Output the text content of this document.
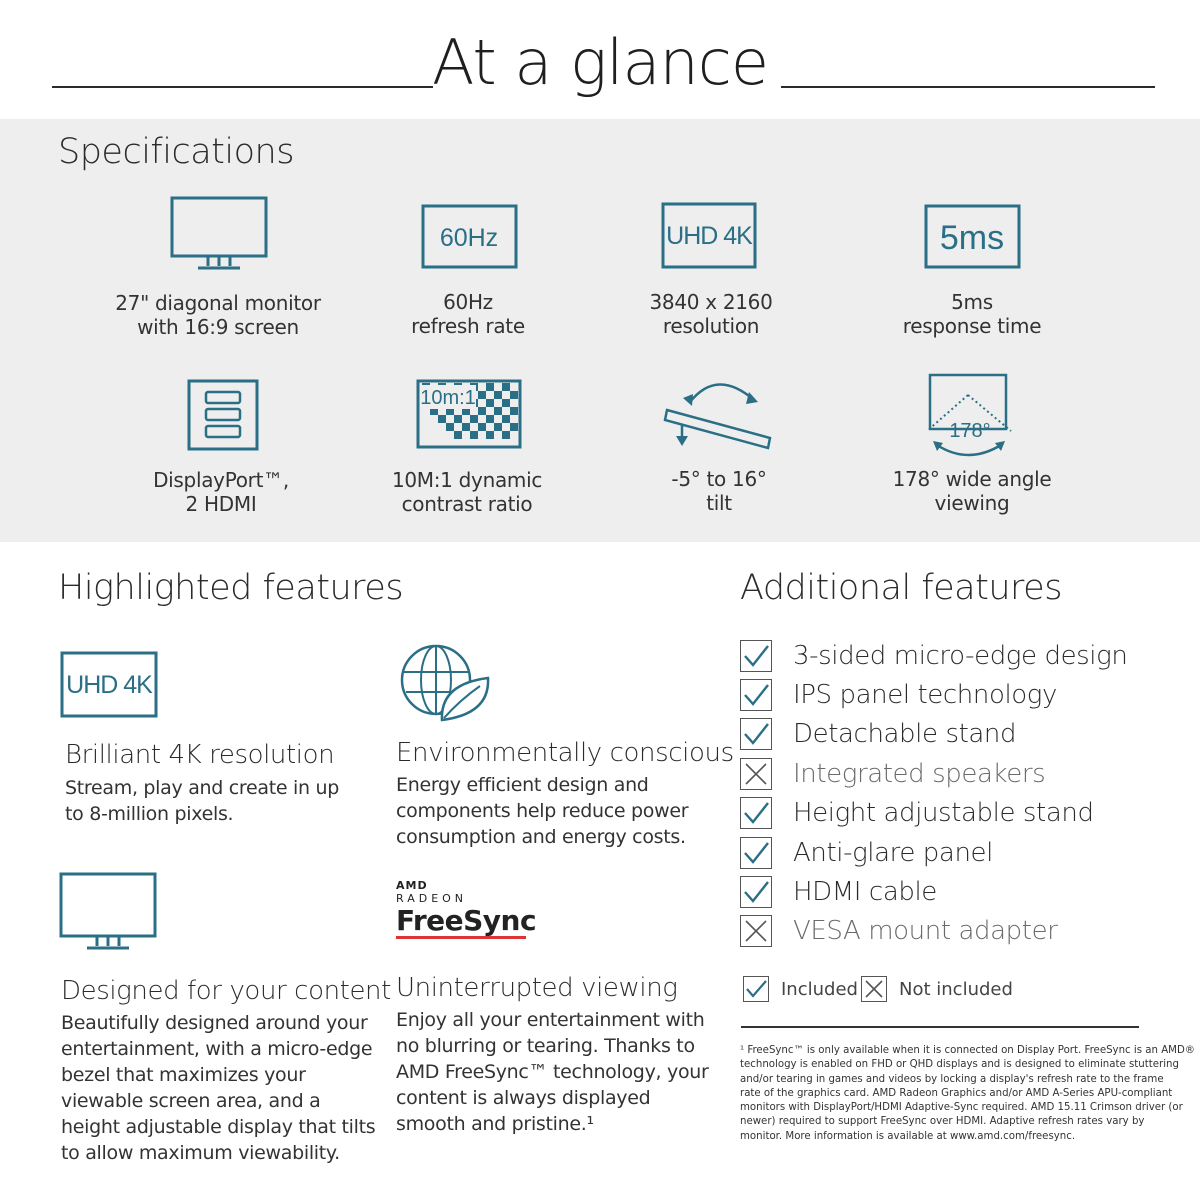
At a glance
Specifications
60Hz	UHD 4K	5ms
27" diagonal monitor
with 16:9 screen
60Hz
refresh rate
3840 x 2160
resolution
5ms
response time
10m:1
178°
DisplayPort™,
2 HDMI
10M:1 dynamic
contrast ratio
-5° to 16°
tilt
178° wide angle
viewing
Highlighted features
UHD 4K
Brilliant 4K resolution
Stream, play and create in up
to 8-million pixels.
Environmentally conscious
Energy efficient design and
components help reduce power
consumption and energy costs.
Designed for your content
Beautifully designed around your
entertainment, with a micro-edge
bezel that maximizes your
viewable screen area, and a
height adjustable display that tilts
to allow maximum viewability.
AMD
RADEON
FreeSync
Uninterrupted viewing
Enjoy all your entertainment with
no blurring or tearing. Thanks to
AMD FreeSync™ technology, your
content is always displayed
smooth and pristine.¹
Additional features
3-sided micro-edge design
IPS panel technology
Detachable stand
Integrated speakers
Height adjustable stand
Anti-glare panel
HDMI cable
VESA mount adapter
Included Not included
¹ FreeSync™ is only available when it is connected on Display Port. FreeSync is an AMD®
technology is enabled on FHD or QHD displays and is designed to eliminate stuttering
and/or tearing in games and videos by locking a display's refresh rate to the frame
rate of the graphics card. AMD Radeon Graphics and/or AMD A-Series APU-compliant
monitors with DisplayPort/HDMI Adaptive-Sync required. AMD 15.11 Crimson driver (or
newer) required to support FreeSync over HDMI. Adaptive refresh rates vary by
monitor. More information is available at www.amd.com/freesync.
